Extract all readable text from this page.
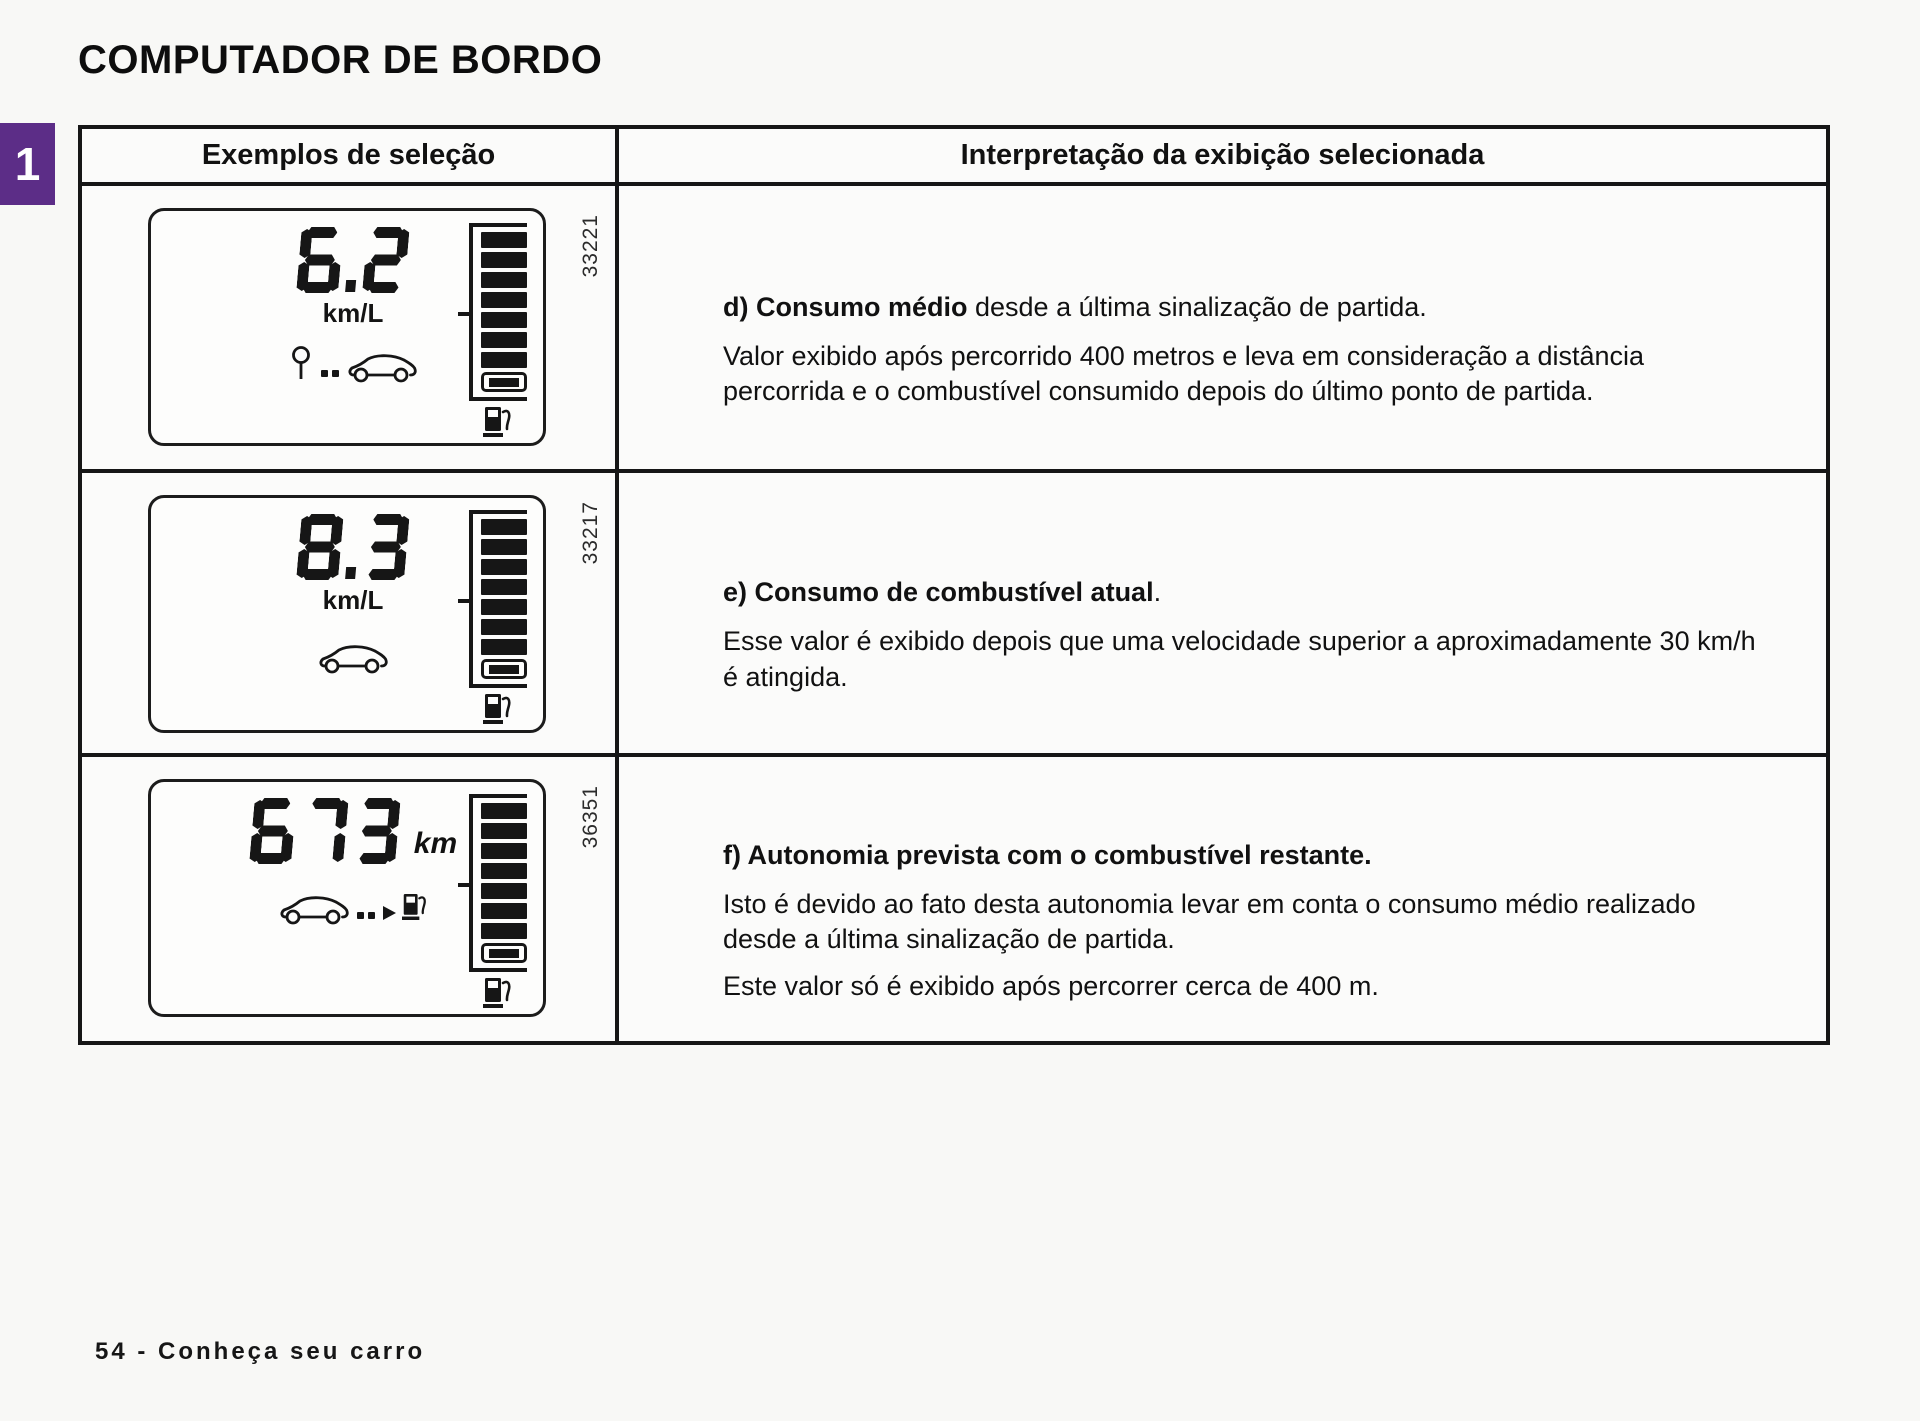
1
COMPUTADOR DE BORDO
Exemplos de seleção	Interpretação da exibição selecionada
km/L
33221

d) Consumo médio desde a última sinalização de partida.

Valor exibido após percorrido 400 metros e leva em consideração a distância percorrida e o combustível consumido depois do último ponto de partida.

km/L
33217

e) Consumo de combustível atual.

Esse valor é exibido depois que uma velocidade superior a aproximadamente 30 km/h é atingida.

km	36351

f) Autonomia prevista com o combustível restante.

Isto é devido ao fato desta autonomia levar em conta o consumo médio realizado desde a última sinalização de partida.

Este valor só é exibido após percorrer cerca de 400 m.

54 - Conheça seu carro
